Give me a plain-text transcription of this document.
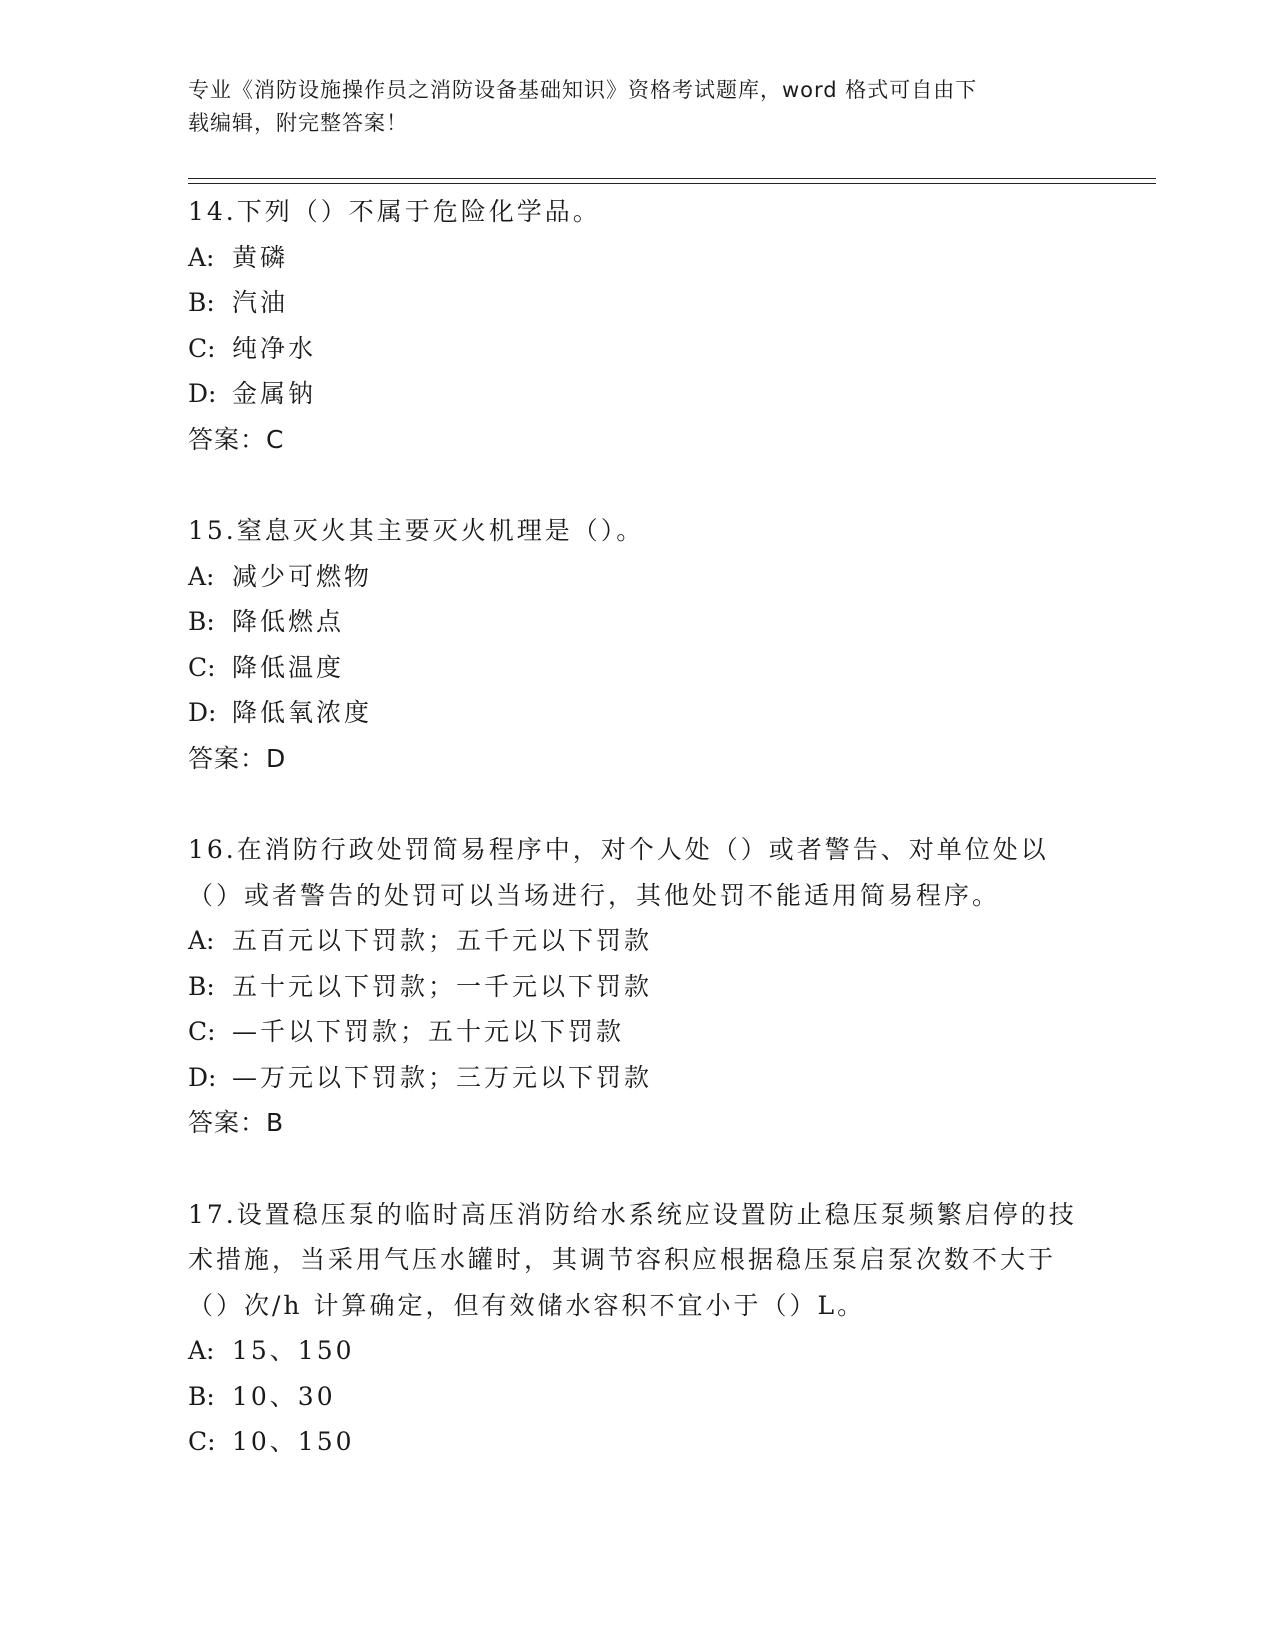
专业《消防设施操作员之消防设备基础知识》资格考试题库，word 格式可自由下
载编辑，附完整答案！
14.下列（）不属于危险化学品。
A: 黄磷
B: 汽油
C: 纯净水
D: 金属钠
答案：C
15.窒息灭火其主要灭火机理是（）。
A: 减少可燃物
B: 降低燃点
C: 降低温度
D: 降低氧浓度
答案：D
16.在消防行政处罚简易程序中，对个人处（）或者警告、对单位处以（）或者警告的处罚可以当场进行，其他处罚不能适用简易程序。
A: 五百元以下罚款；五千元以下罚款
B: 五十元以下罚款；一千元以下罚款
C: —千以下罚款；五十元以下罚款
D: —万元以下罚款；三万元以下罚款
答案：B
17.设置稳压泵的临时高压消防给水系统应设置防止稳压泵频繁启停的技术措施，当采用气压水罐时，其调节容积应根据稳压泵启泵次数不大于（）次/h 计算确定，但有效储水容积不宜小于（）L。
A: 15、150
B: 10、30
C: 10、150
